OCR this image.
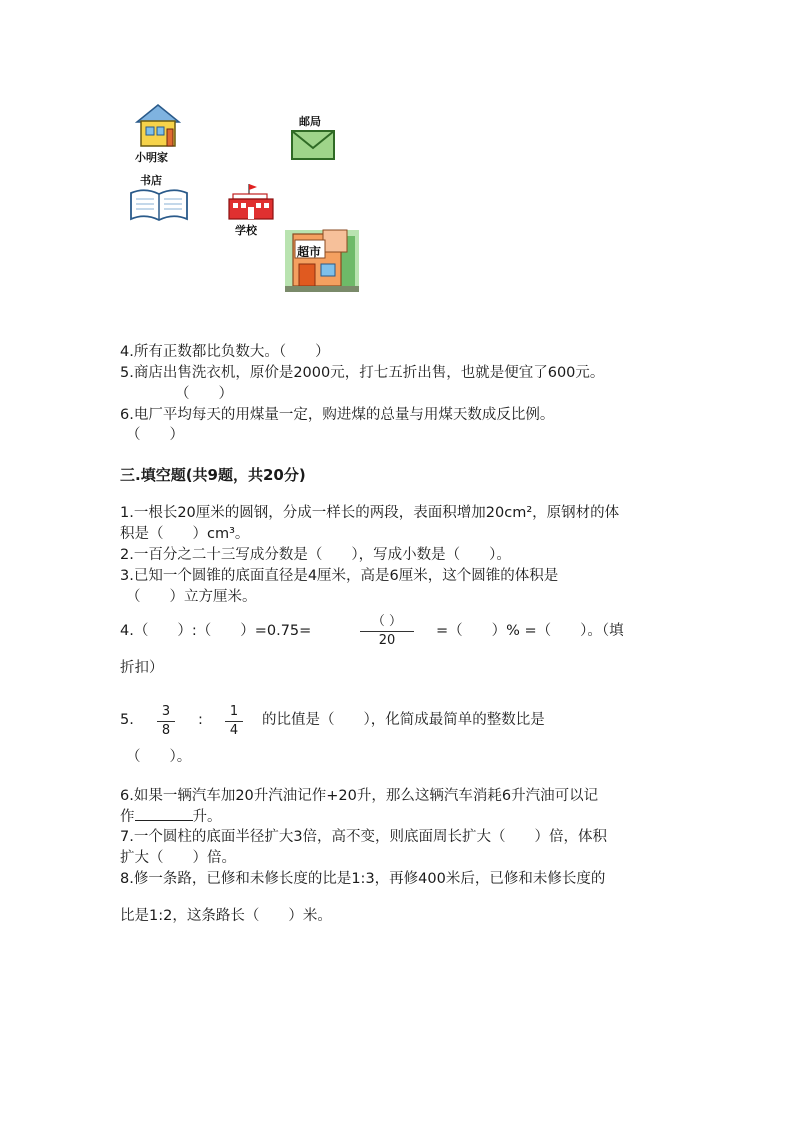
小明家
邮局
书店
学校
超市
4.所有正数都比负数大。（　　）
5.商店出售洗衣机，原价是2000元，打七五折出售，也就是便宜了600元。
（　　）
6.电厂平均每天的用煤量一定，购进煤的总量与用煤天数成反比例。
（　　）
三.填空题(共9题，共20分)
1.一根长20厘米的圆钢，分成一样长的两段，表面积增加20cm²，原钢材的体
积是（　　）cm³。
2.一百分之二十三写成分数是（　　），写成小数是（　　）。
3.已知一个圆锥的底面直径是4厘米，高是6厘米，这个圆锥的体积是
（　　）立方厘米。
4.（　　）:（　　）=0.75=
（ ）
20
=（　　）% =（　　）。（填
折扣）
5.
3
8
:
1
4
的比值是（　　），化简成最简单的整数比是
（　　）。
6.如果一辆汽车加20升汽油记作+20升，那么这辆汽车消耗6升汽油可以记
作	升。
7.一个圆柱的底面半径扩大3倍，高不变，则底面周长扩大（　　）倍，体积
扩大（　　）倍。
8.修一条路，已修和未修长度的比是1:3，再修400米后，已修和未修长度的
比是1:2，这条路长（　　）米。
